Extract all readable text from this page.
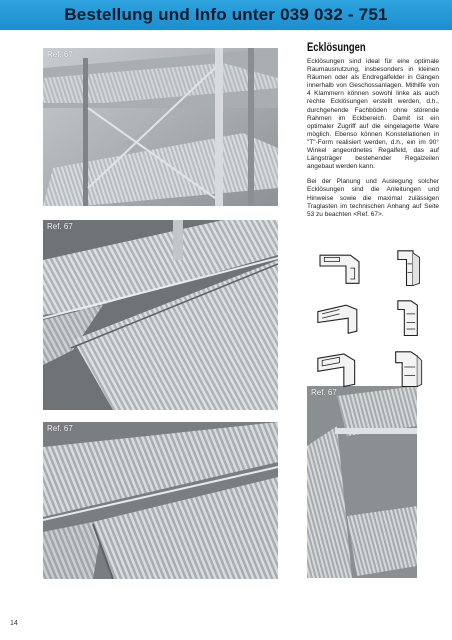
Bestellung und Info unter 039 032 - 751
Ref. 67
Ref. 67
Ref. 67
Ref. 67
Ecklösungen

Ecklösungen sind ideal für eine optimale Raumausnutzung, insbesonders in kleinen Räumen oder als Endregalfelder in Gängen innerhalb von Geschossanlagen. Mithilfe von 4 Klammern können sowohl linke als auch rechte Ecklösungen erstellt werden, d.h., durchgehende Fachböden ohne störende Rahmen im Eckbereich. Damit ist ein optimaler Zugriff auf die eingelagerte Ware möglich. Ebenso können Konstellationen in "T"-Form realisiert werden, d.h., ein im 90° Winkel angeordnetes Regalfeld, das auf Längsträger bestehender Regalzeilen angebaut werden kann.

Bei der Planung und Auslegung solcher Ecklösungen sind die Anleitungen und Hinweise sowie die maximal zulässigen Traglasten im technischen Anhang auf Seite 53 zu beachten <Ref. 67>.

14
